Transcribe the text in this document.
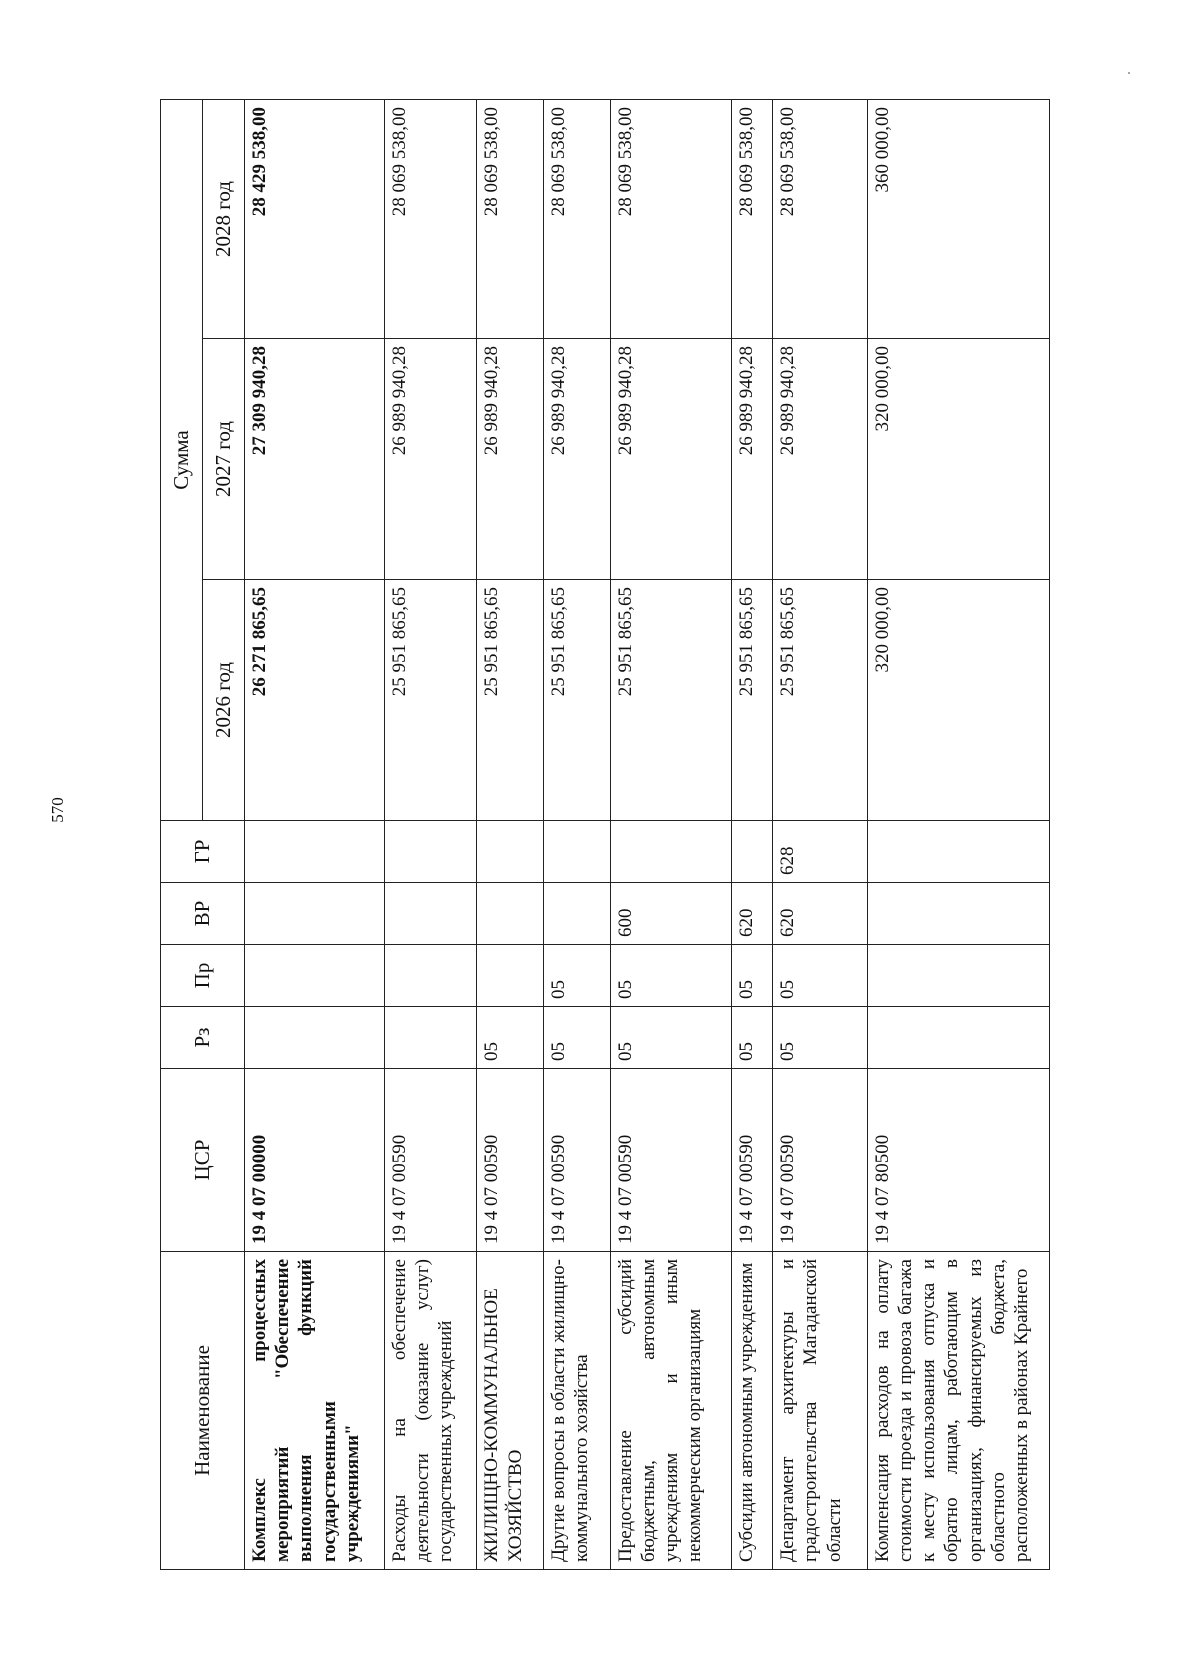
570
Наименование	ЦСР	Рз	Пр	ВР	ГР	Сумма		
						2026 год	2027 год	2028 год
Комплекс процессных мероприятий "Обеспечение выполнения функций государственными учреждениями"	19 4 07 00000					26 271 865,65	27 309 940,28	28 429 538,00
Расходы на обеспечение деятельности (оказание услуг) государственных учреждений	19 4 07 00590					25 951 865,65	26 989 940,28	28 069 538,00
ЖИЛИЩНО-КОММУНАЛЬНОЕ ХОЗЯЙСТВО	19 4 07 00590	05				25 951 865,65	26 989 940,28	28 069 538,00
Другие вопросы в области жилищно-коммунального хозяйства	19 4 07 00590	05	05			25 951 865,65	26 989 940,28	28 069 538,00
Предоставление субсидий бюджетным, автономным учреждениям и иным некоммерческим организациям	19 4 07 00590	05	05	600		25 951 865,65	26 989 940,28	28 069 538,00
Субсидии автономным учреждениям	19 4 07 00590	05	05	620		25 951 865,65	26 989 940,28	28 069 538,00
Департамент архитектуры и градостроительства Магаданской области	19 4 07 00590	05	05	620	628	25 951 865,65	26 989 940,28	28 069 538,00
Компенсация расходов на оплату стоимости проезда и провоза багажа к месту использования отпуска и обратно лицам, работающим в организациях, финансируемых из областного бюджета, расположенных в районах Крайнего	19 4 07 80500					320 000,00	320 000,00	360 000,00
